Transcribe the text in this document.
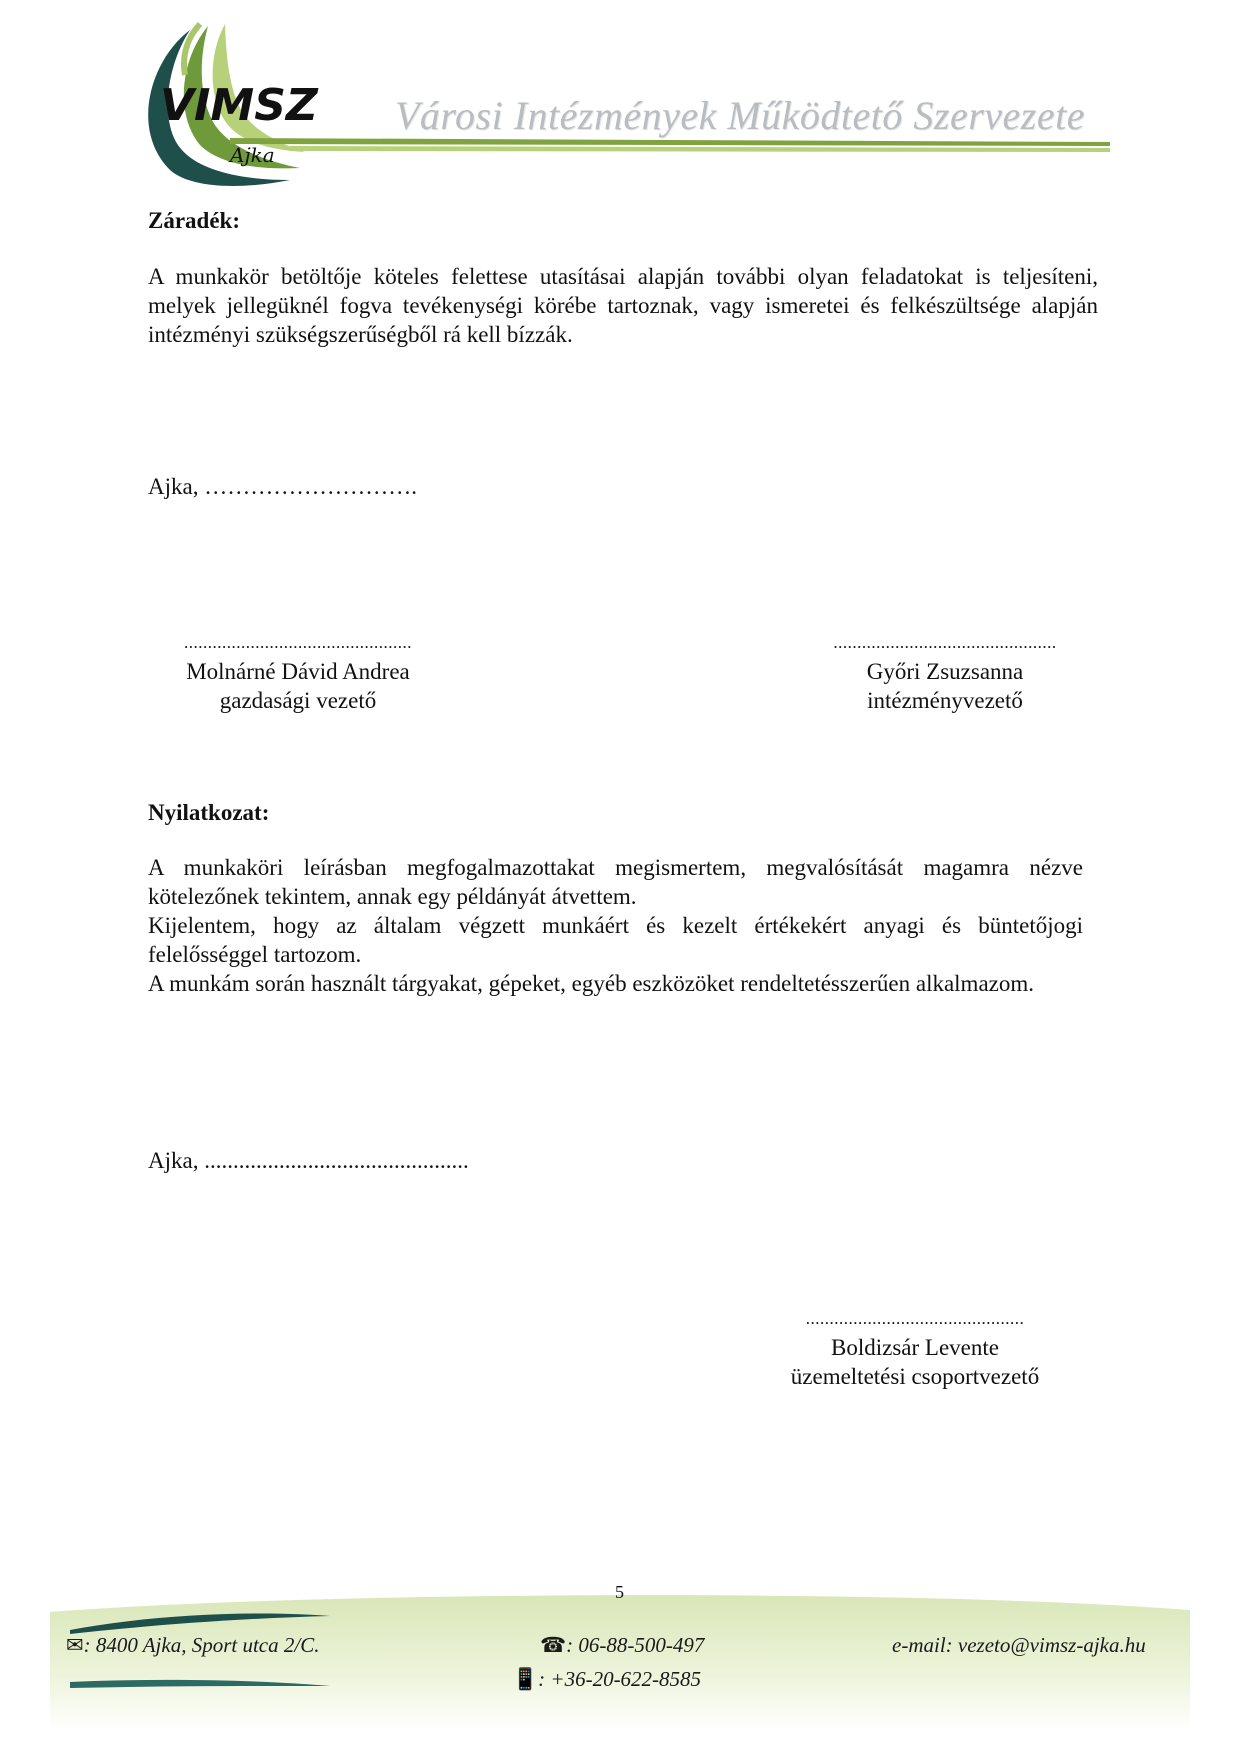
VIMSZ
Ajka
Városi Intézmények Működtető Szervezete
Záradék:

A munkakör betöltője köteles felettese utasításai alapján további olyan feladatokat is teljesíteni, melyek jellegüknél fogva tevékenységi körébe tartoznak, vagy ismeretei és felkészültsége alapján intézményi szükségszerűségből rá kell bízzák.

Ajka, ……………………….
................................................
Molnárné Dávid Andrea
gazdasági vezető
...............................................
Győri Zsuzsanna
intézményvezető
Nyilatkozat:

A munkaköri leírásban megfogalmazottakat megismertem, megvalósítását magamra nézve kötelezőnek tekintem, annak egy példányát átvettem.

Kijelentem, hogy az általam végzett munkáért és kezelt értékekért anyagi és büntetőjogi felelősséggel tartozom.

A munkám során használt tárgyakat, gépeket, egyéb eszközöket rendeltetésszerűen alkalmazom.

Ajka, ..............................................
..............................................
Boldizsár Levente
üzemeltetési csoportvezető
5
✉: 8400 Ajka, Sport utca 2/C.	☎: 06-88-500-497
📱: +36-20-622-8585
e-mail: vezeto@vimsz-ajka.hu
